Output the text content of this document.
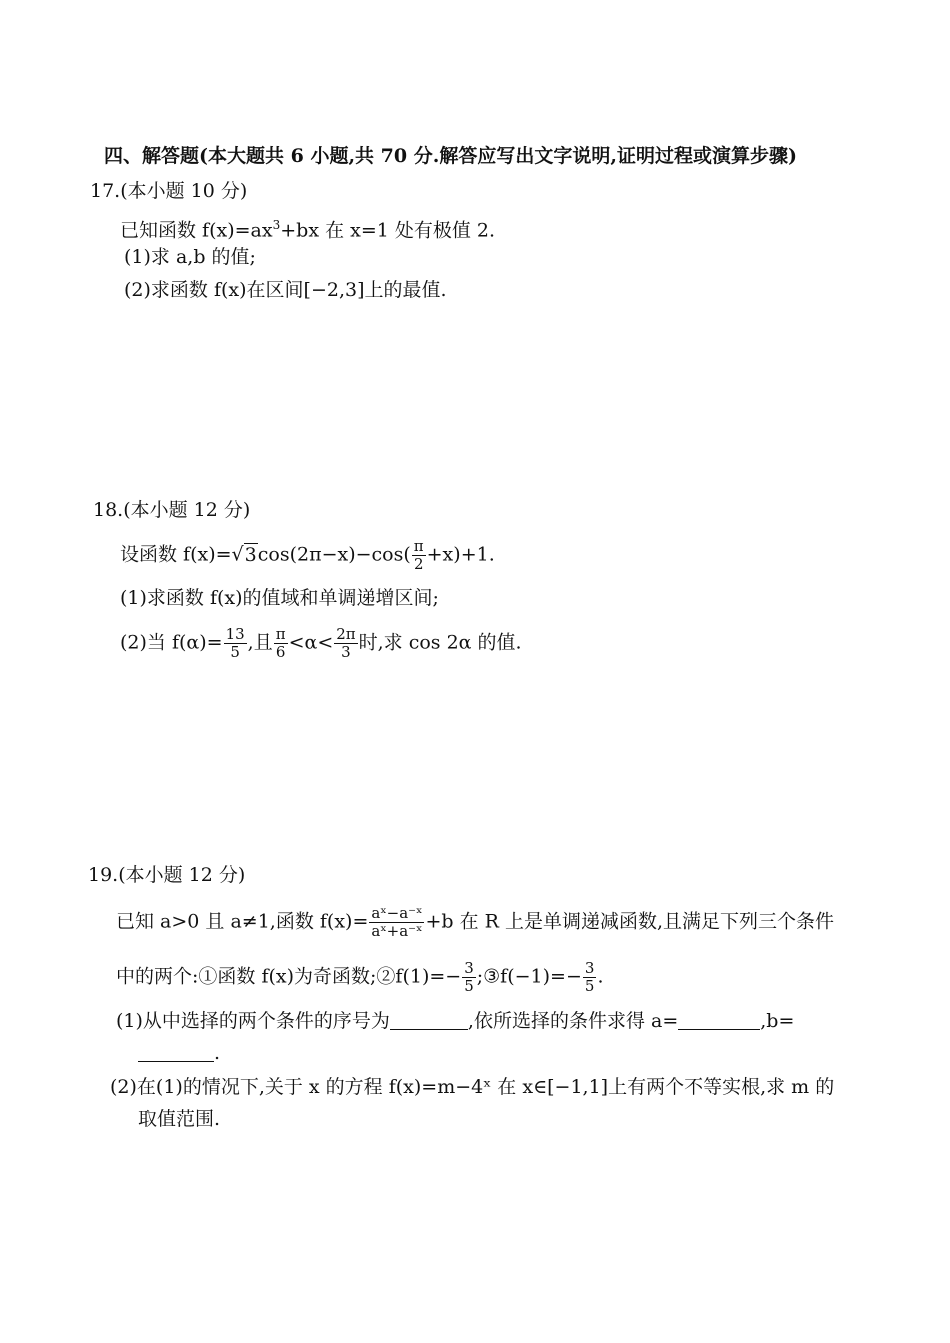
四、解答题(本大题共 6 小题,共 70 分.解答应写出文字说明,证明过程或演算步骤)
17.(本小题 10 分)
已知函数 $f(x)=ax^3+bx$ 在 x=1 处有极值 2.
(1)求 a,b 的值;
(2)求函数 f(x)在区间[−2,3]上的最值.
18.(本小题 12 分)
设函数 $f(x)=√3\cos(2\pi-x)-\cos( \frac{\pi}{2} +x)+1$.
(1)求函数 f(x)的值域和单调递增区间;
(2)当 $f(\alpha)= \frac{13}{5}$ ,且 $\frac{\pi}{6} <\alpha< \frac{2\pi}{3}$ 时,求 cos 2α 的值.
19.(本小题 12 分)
已知 a>0 且 a≠1,函数 $f(x)= \frac{\text{aˣ−a⁻ˣ}}{\text{aˣ+a⁻ˣ}} +b$ 在 R 上是单调递减函数,且满足下列三个条件
中的两个:①函数 f(x)为奇函数;②f(1)=− $\frac{3}{5}$ ;③f(−1)=− $\frac{3}{5}$ .
(1)从中选择的两个条件的序号为	,依所选择的条件求得 a=	,b=
.
(2)在(1)的情况下,关于 x 的方程 f(x)=m−4ˣ 在 x∈[−1,1]上有两个不等实根,求 m 的
取值范围.
